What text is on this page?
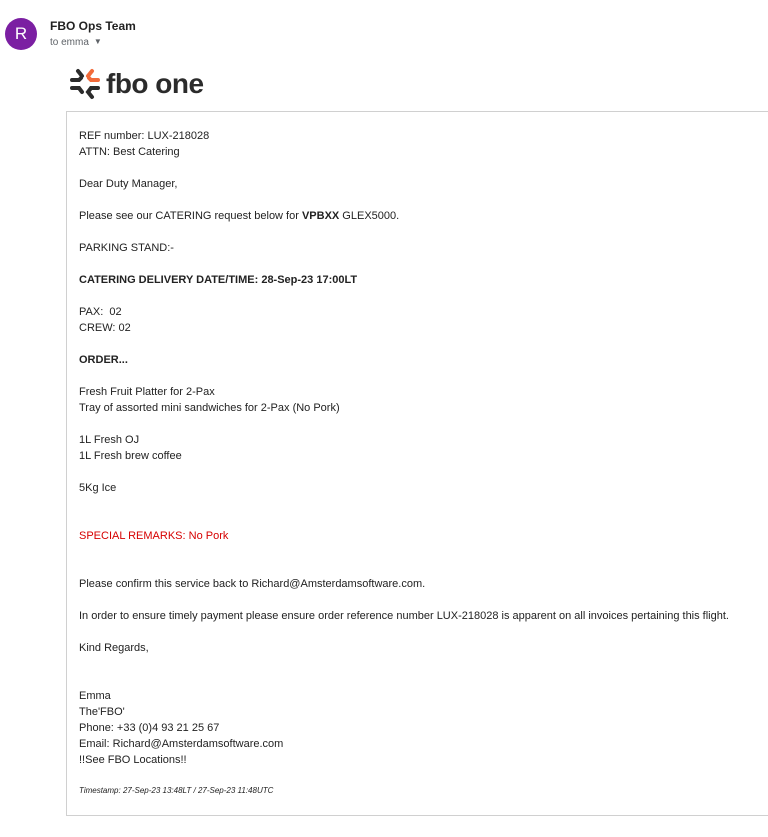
R	FBO Ops Team
to emma ▼
fbo one

REF number: LUX-218028

ATTN: Best Catering

Dear Duty Manager,

Please see our CATERING request below for VPBXX GLEX5000.

PARKING STAND:-

CATERING DELIVERY DATE/TIME: 28-Sep-23 17:00LT

PAX:  02

CREW: 02

ORDER...

Fresh Fruit Platter for 2-Pax

Tray of assorted mini sandwiches for 2-Pax (No Pork)

1L Fresh OJ

1L Fresh brew coffee

5Kg Ice

SPECIAL REMARKS: No Pork

Please confirm this service back to Richard@Amsterdamsoftware.com.

In order to ensure timely payment please ensure order reference number LUX-218028 is apparent on all invoices pertaining this flight.

Kind Regards,

Emma

The'FBO'

Phone: +33 (0)4 93 21 25 67

Email: Richard@Amsterdamsoftware.com

!!See FBO Locations!!

Timestamp: 27-Sep-23 13:48LT / 27-Sep-23 11:48UTC
